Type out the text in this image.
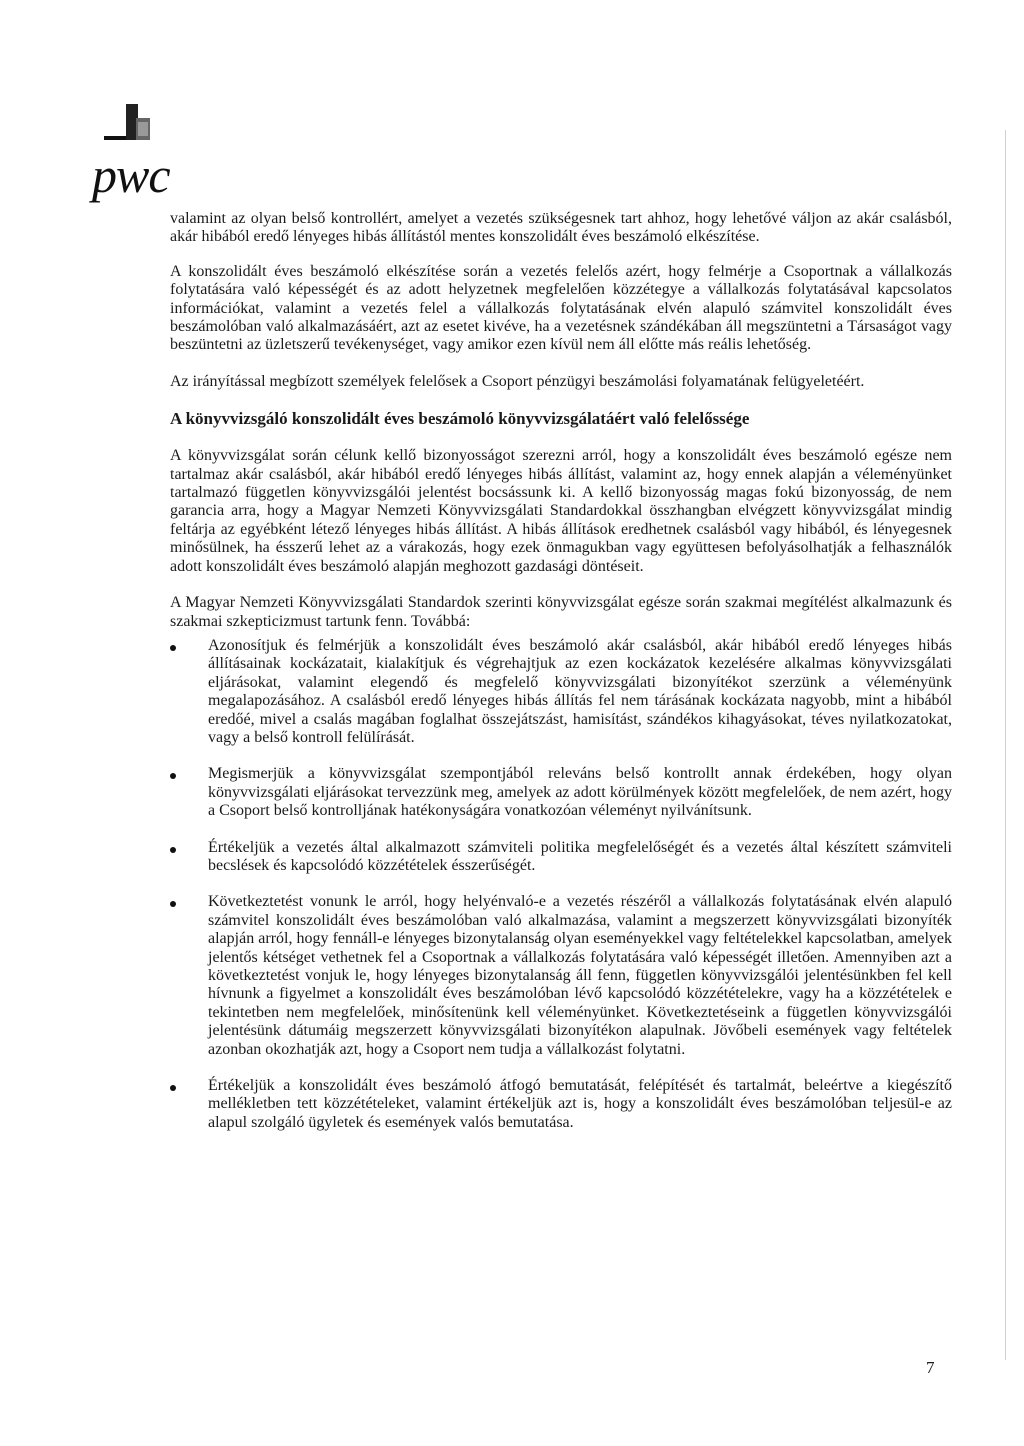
pwc

valamint az olyan belső kontrollért, amelyet a vezetés szükségesnek tart ahhoz, hogy lehetővé váljon az akár csalásból, akár hibából eredő lényeges hibás állítástól mentes konszolidált éves beszámoló elkészítése.

A konszolidált éves beszámoló elkészítése során a vezetés felelős azért, hogy felmérje a Csoportnak a vállalkozás folytatására való képességét és az adott helyzetnek megfelelően közzétegye a vállalkozás folytatásával kapcsolatos információkat, valamint a vezetés felel a vállalkozás folytatásának elvén alapuló számvitel konszolidált éves beszámolóban való alkalmazásáért, azt az esetet kivéve, ha a vezetésnek szándékában áll megszüntetni a Társaságot vagy beszüntetni az üzletszerű tevékenységet, vagy amikor ezen kívül nem áll előtte más reális lehetőség.

Az irányítással megbízott személyek felelősek a Csoport pénzügyi beszámolási folyamatának felügyeletéért.

A könyvvizsgáló konszolidált éves beszámoló könyvvizsgálatáért való felelőssége

A könyvvizsgálat során célunk kellő bizonyosságot szerezni arról, hogy a konszolidált éves beszámoló egésze nem tartalmaz akár csalásból, akár hibából eredő lényeges hibás állítást, valamint az, hogy ennek alapján a véleményünket tartalmazó független könyvvizsgálói jelentést bocsássunk ki. A kellő bizonyosság magas fokú bizonyosság, de nem garancia arra, hogy a Magyar Nemzeti Könyvvizsgálati Standardokkal összhangban elvégzett könyvvizsgálat mindig feltárja az egyébként létező lényeges hibás állítást. A hibás állítások eredhetnek csalásból vagy hibából, és lényegesnek minősülnek, ha ésszerű lehet az a várakozás, hogy ezek önmagukban vagy együttesen befolyásolhatják a felhasználók adott konszolidált éves beszámoló alapján meghozott gazdasági döntéseit.

A Magyar Nemzeti Könyvvizsgálati Standardok szerinti könyvvizsgálat egésze során szakmai megítélést alkalmazunk és szakmai szkepticizmust tartunk fenn. Továbbá:

Azonosítjuk és felmérjük a konszolidált éves beszámoló akár csalásból, akár hibából eredő lényeges hibás állításainak kockázatait, kialakítjuk és végrehajtjuk az ezen kockázatok kezelésére alkalmas könyvvizsgálati eljárásokat, valamint elegendő és megfelelő könyvvizsgálati bizonyítékot szerzünk a véleményünk megalapozásához. A csalásból eredő lényeges hibás állítás fel nem tárásának kockázata nagyobb, mint a hibából eredőé, mivel a csalás magában foglalhat összejátszást, hamisítást, szándékos kihagyásokat, téves nyilatkozatokat, vagy a belső kontroll felülírását.
Megismerjük a könyvvizsgálat szempontjából releváns belső kontrollt annak érdekében, hogy olyan könyvvizsgálati eljárásokat tervezzünk meg, amelyek az adott körülmények között megfelelőek, de nem azért, hogy a Csoport belső kontrolljának hatékonyságára vonatkozóan véleményt nyilvánítsunk.
Értékeljük a vezetés által alkalmazott számviteli politika megfelelőségét és a vezetés által készített számviteli becslések és kapcsolódó közzétételek ésszerűségét.
Következtetést vonunk le arról, hogy helyénvaló-e a vezetés részéről a vállalkozás folytatásának elvén alapuló számvitel konszolidált éves beszámolóban való alkalmazása, valamint a megszerzett könyvvizsgálati bizonyíték alapján arról, hogy fennáll-e lényeges bizonytalanság olyan eseményekkel vagy feltételekkel kapcsolatban, amelyek jelentős kétséget vethetnek fel a Csoportnak a vállalkozás folytatására való képességét illetően. Amennyiben azt a következtetést vonjuk le, hogy lényeges bizonytalanság áll fenn, független könyvvizsgálói jelentésünkben fel kell hívnunk a figyelmet a konszolidált éves beszámolóban lévő kapcsolódó közzétételekre, vagy ha a közzétételek e tekintetben nem megfelelőek, minősítenünk kell véleményünket. Következtetéseink a független könyvvizsgálói jelentésünk dátumáig megszerzett könyvvizsgálati bizonyítékon alapulnak. Jövőbeli események vagy feltételek azonban okozhatják azt, hogy a Csoport nem tudja a vállalkozást folytatni.
Értékeljük a konszolidált éves beszámoló átfogó bemutatását, felépítését és tartalmát, beleértve a kiegészítő mellékletben tett közzétételeket, valamint értékeljük azt is, hogy a konszolidált éves beszámolóban teljesül-e az alapul szolgáló ügyletek és események valós bemutatása.
7
